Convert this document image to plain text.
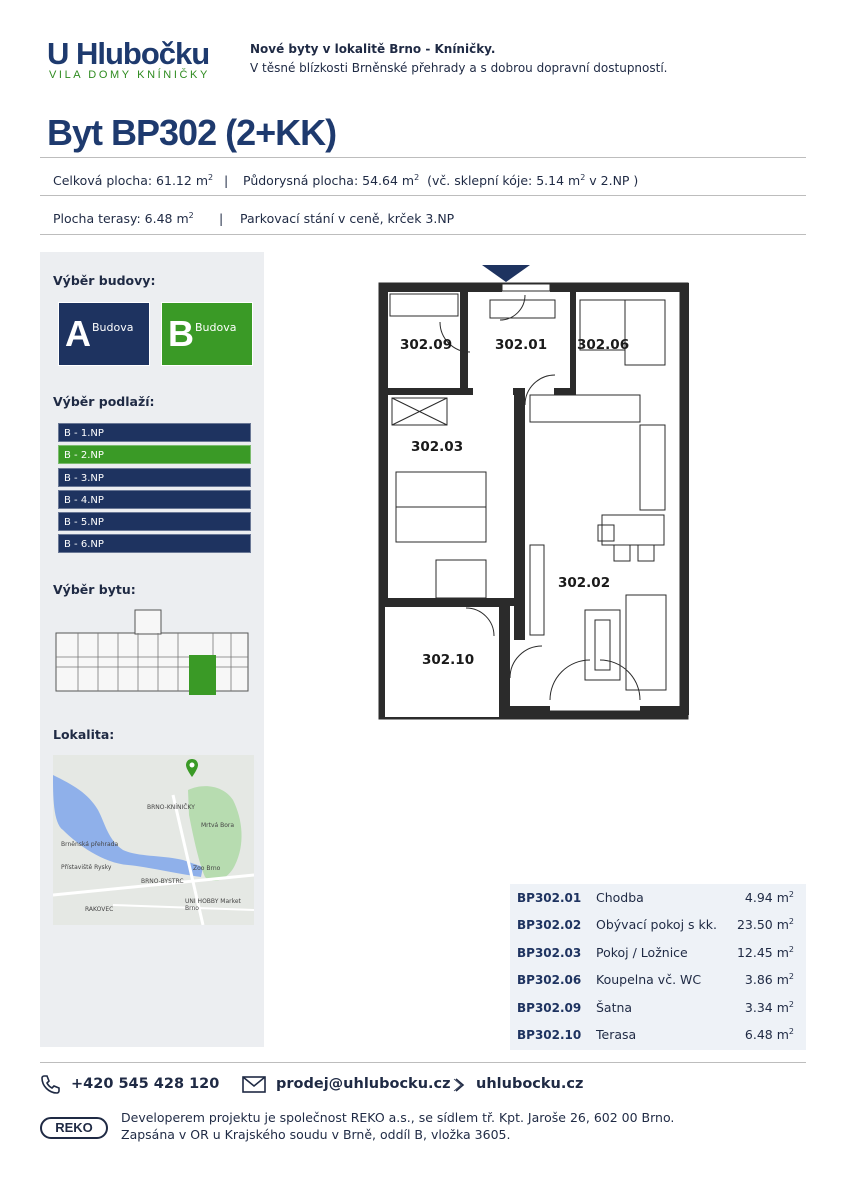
U Hlubočku
VILA DOMY KNÍNIČKY
Nové byty v lokalitě Brno - Kníničky.
V těsné blízkosti Brněnské přehrady a s dobrou dopravní dostupností.
Byt BP302 (2+KK)
Celková plocha: 61.12 $m^2$ | Půdorysná plocha: 54.64 $m^2$ (vč. sklepní kóje: 5.14 $m^2$ v 2.NP )
Plocha terasy: 6.48 $m^2$ | Parkovací stání v ceně, krček 3.NP
Výběr budovy:
A Budova B Budova
Výběr podlaží:
B - 1.NP
B - 2.NP
B - 3.NP
B - 4.NP
B - 5.NP
B - 6.NP
Výběr bytu:
Lokalita:
BRNO-KNÍNIČKY
Mrtvá Bora
Brněnská přehrada
Přístaviště Rysky	Zoo Brno
BRNO-BYSTRC
UNI HOBBY Market Brno
RAKOVEC
302.09	302.01 302.06
302.03
302.02
302.10
BP302.01 Chodba	4.94 $m^2$
BP302.02 Obývací pokoj s kk. 23.50 $m^2$
BP302.03 Pokoj / Ložnice	12.45 $m^2$
BP302.06 Koupelna vč. WC	3.86 $m^2$
BP302.09 Šatna	3.34 $m^2$
BP302.10 Terasa	6.48 $m^2$
+420 545 428 120	prodej@uhlubocku.cz uhlubocku.cz
REKO
Developerem projektu je společnost REKO a.s., se sídlem tř. Kpt. Jaroše 26, 602 00 Brno.
Zapsána v OR u Krajského soudu v Brně, oddíl B, vložka 3605.
